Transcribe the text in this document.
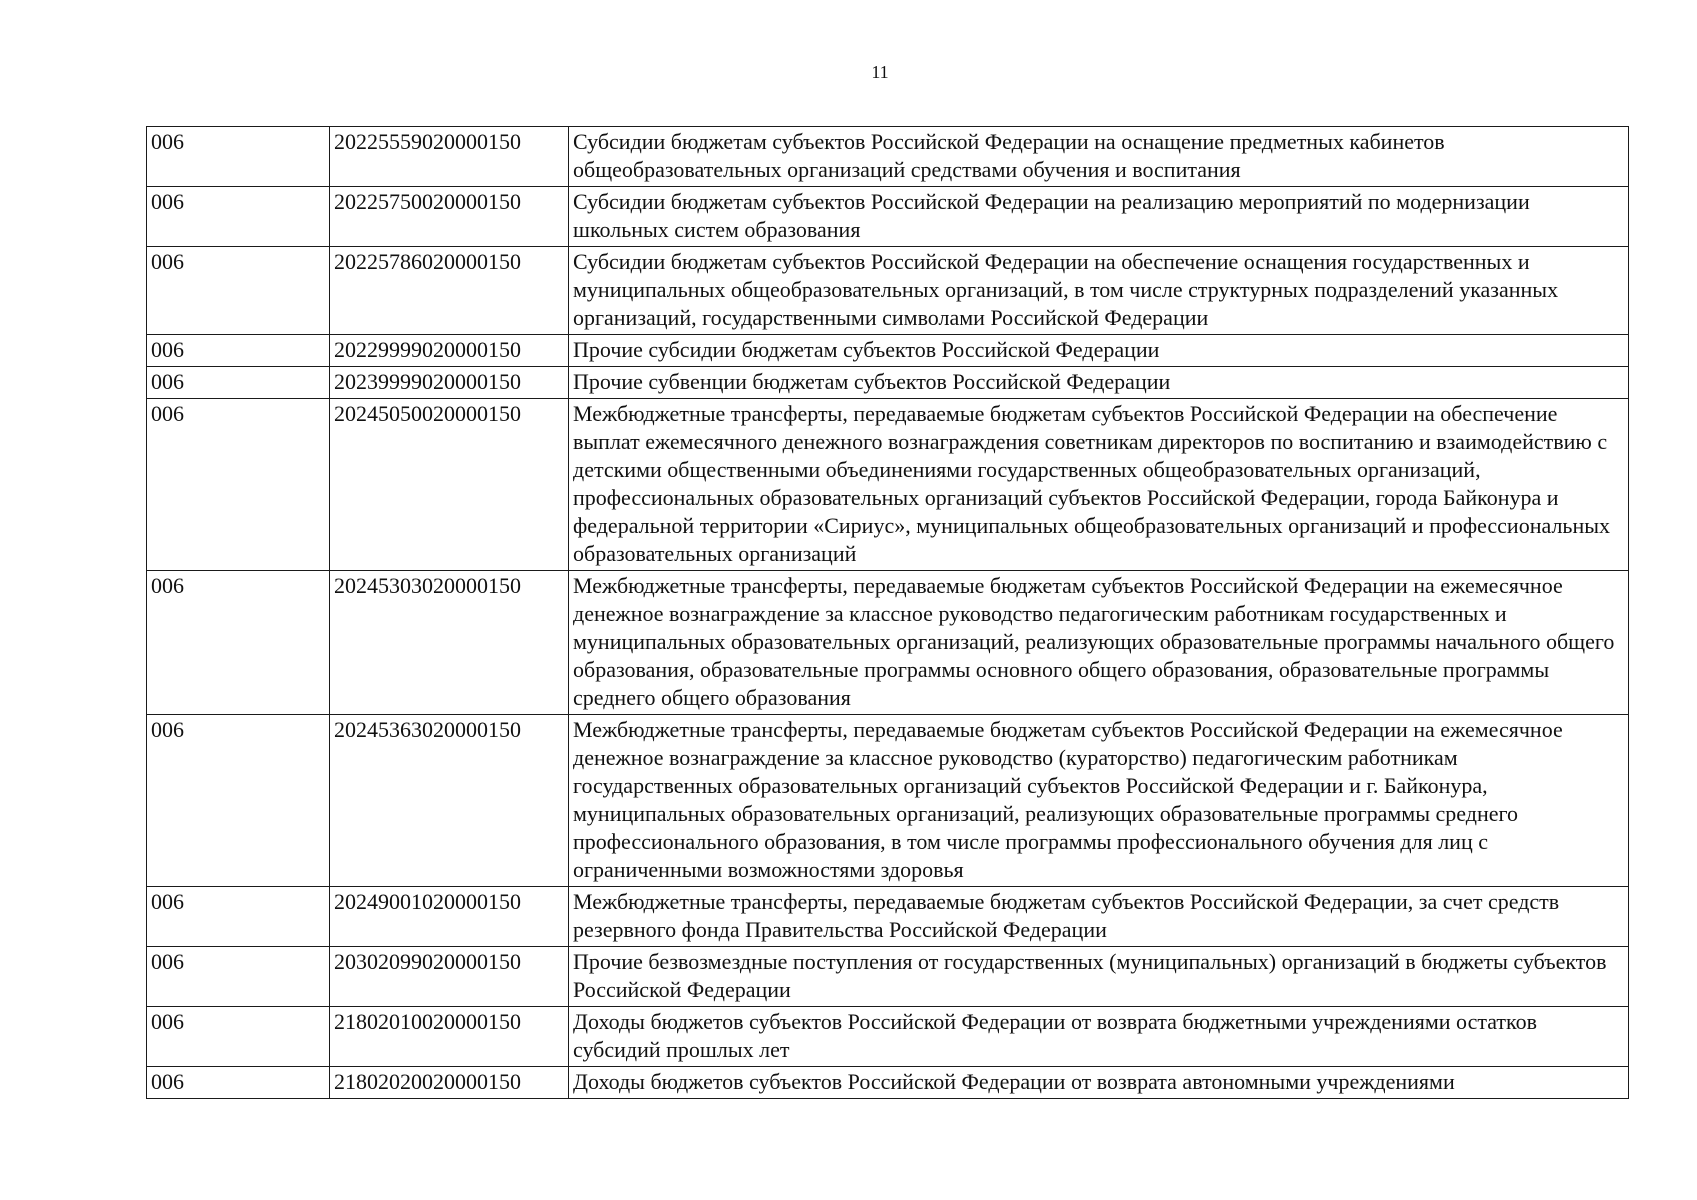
11
006	20225559020000150	Субсидии бюджетам субъектов Российской Федерации на оснащение предметных кабинетов общеобразовательных организаций средствами обучения и воспитания
006	20225750020000150	Субсидии бюджетам субъектов Российской Федерации на реализацию мероприятий по модернизации школьных систем образования
006	20225786020000150	Субсидии бюджетам субъектов Российской Федерации на обеспечение оснащения государственных и муниципальных общеобразовательных организаций, в том числе структурных подразделений указанных организаций, государственными символами Российской Федерации
006	20229999020000150	Прочие субсидии бюджетам субъектов Российской Федерации
006	20239999020000150	Прочие субвенции бюджетам субъектов Российской Федерации
006	20245050020000150	Межбюджетные трансферты, передаваемые бюджетам субъектов Российской Федерации на обеспечение выплат ежемесячного денежного вознаграждения советникам директоров по воспитанию и взаимодействию с детскими общественными объединениями государственных общеобразовательных организаций, профессиональных образовательных организаций субъектов Российской Федерации, города Байконура и федеральной территории «Сириус», муниципальных общеобразовательных организаций и профессиональных образовательных организаций
006	20245303020000150	Межбюджетные трансферты, передаваемые бюджетам субъектов Российской Федерации на ежемесячное денежное вознаграждение за классное руководство педагогическим работникам государственных и муниципальных образовательных организаций, реализующих образовательные программы начального общего образования, образовательные программы основного общего образования, образовательные программы среднего общего образования
006	20245363020000150	Межбюджетные трансферты, передаваемые бюджетам субъектов Российской Федерации на ежемесячное денежное вознаграждение за классное руководство (кураторство) педагогическим работникам государственных образовательных организаций субъектов Российской Федерации и г. Байконура, муниципальных образовательных организаций, реализующих образовательные программы среднего профессионального образования, в том числе программы профессионального обучения для лиц с ограниченными возможностями здоровья
006	20249001020000150	Межбюджетные трансферты, передаваемые бюджетам субъектов Российской Федерации, за счет средств резервного фонда Правительства Российской Федерации
006	20302099020000150	Прочие безвозмездные поступления от государственных (муниципальных) организаций в бюджеты субъектов Российской Федерации
006	21802010020000150	Доходы бюджетов субъектов Российской Федерации от возврата бюджетными учреждениями остатков субсидий прошлых лет
006	21802020020000150	Доходы бюджетов субъектов Российской Федерации от возврата автономными учреждениями
